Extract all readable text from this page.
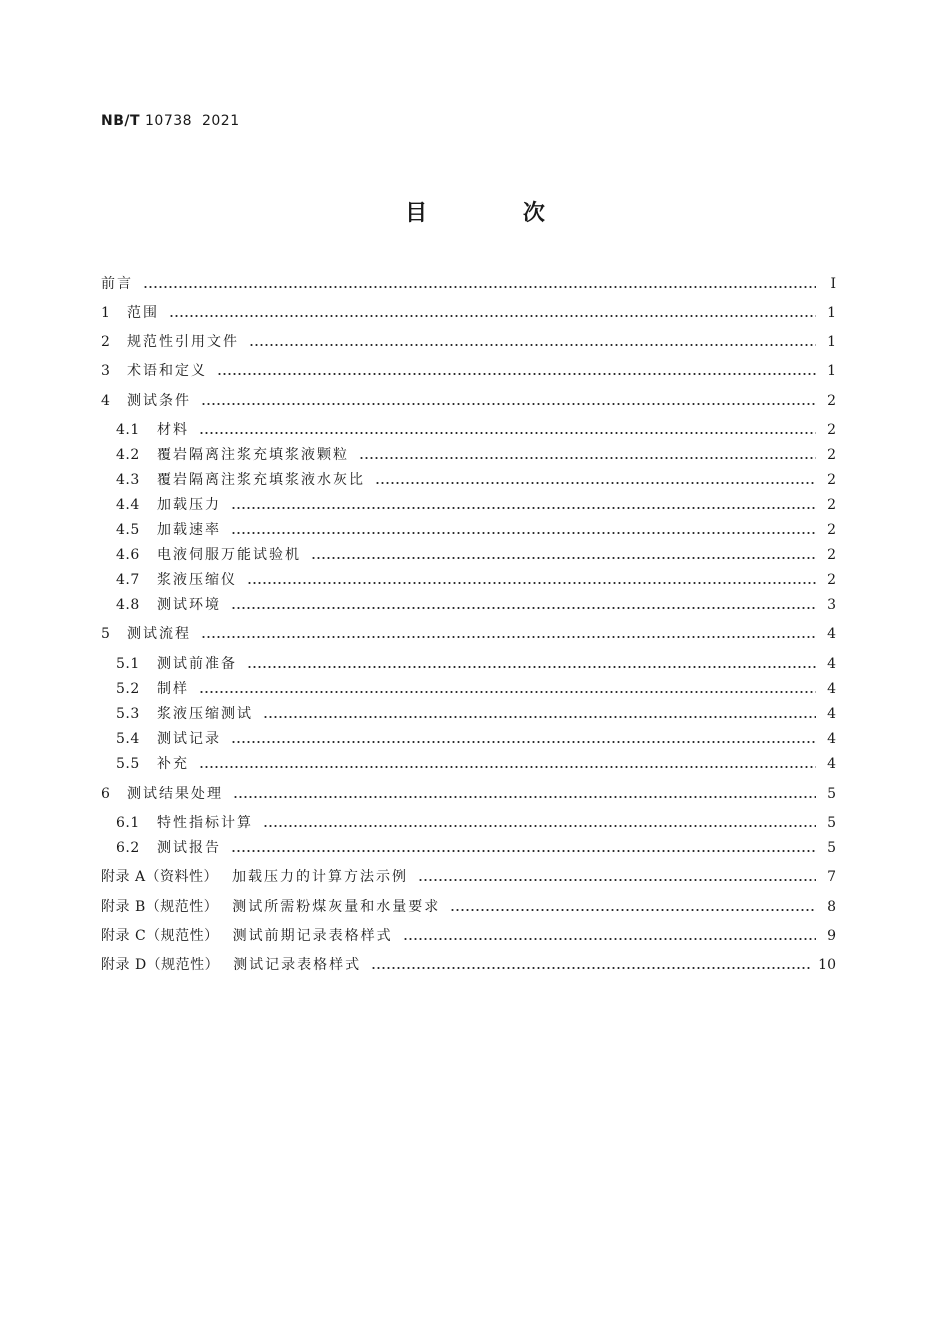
NB/T 10738 2021
目 次
前言	I
1	范围	1
2	规范性引用文件	1
3	术语和定义	1
4	测试条件	2
4.1	材料	2
4.2	覆岩隔离注浆充填浆液颗粒	2
4.3	覆岩隔离注浆充填浆液水灰比	2
4.4	加载压力	2
4.5	加载速率	2
4.6	电液伺服万能试验机	2
4.7	浆液压缩仪	2
4.8	测试环境	3
5	测试流程	4
5.1	测试前准备	4
5.2	制样	4
5.3	浆液压缩测试	4
5.4	测试记录	4
5.5	补充	4
6	测试结果处理	5
6.1	特性指标计算	5
6.2	测试报告	5
附录 A（资料性） 加载压力的计算方法示例	7
附录 B（规范性） 测试所需粉煤灰量和水量要求	8
附录 C（规范性） 测试前期记录表格样式	9
附录 D（规范性） 测试记录表格样式	10
